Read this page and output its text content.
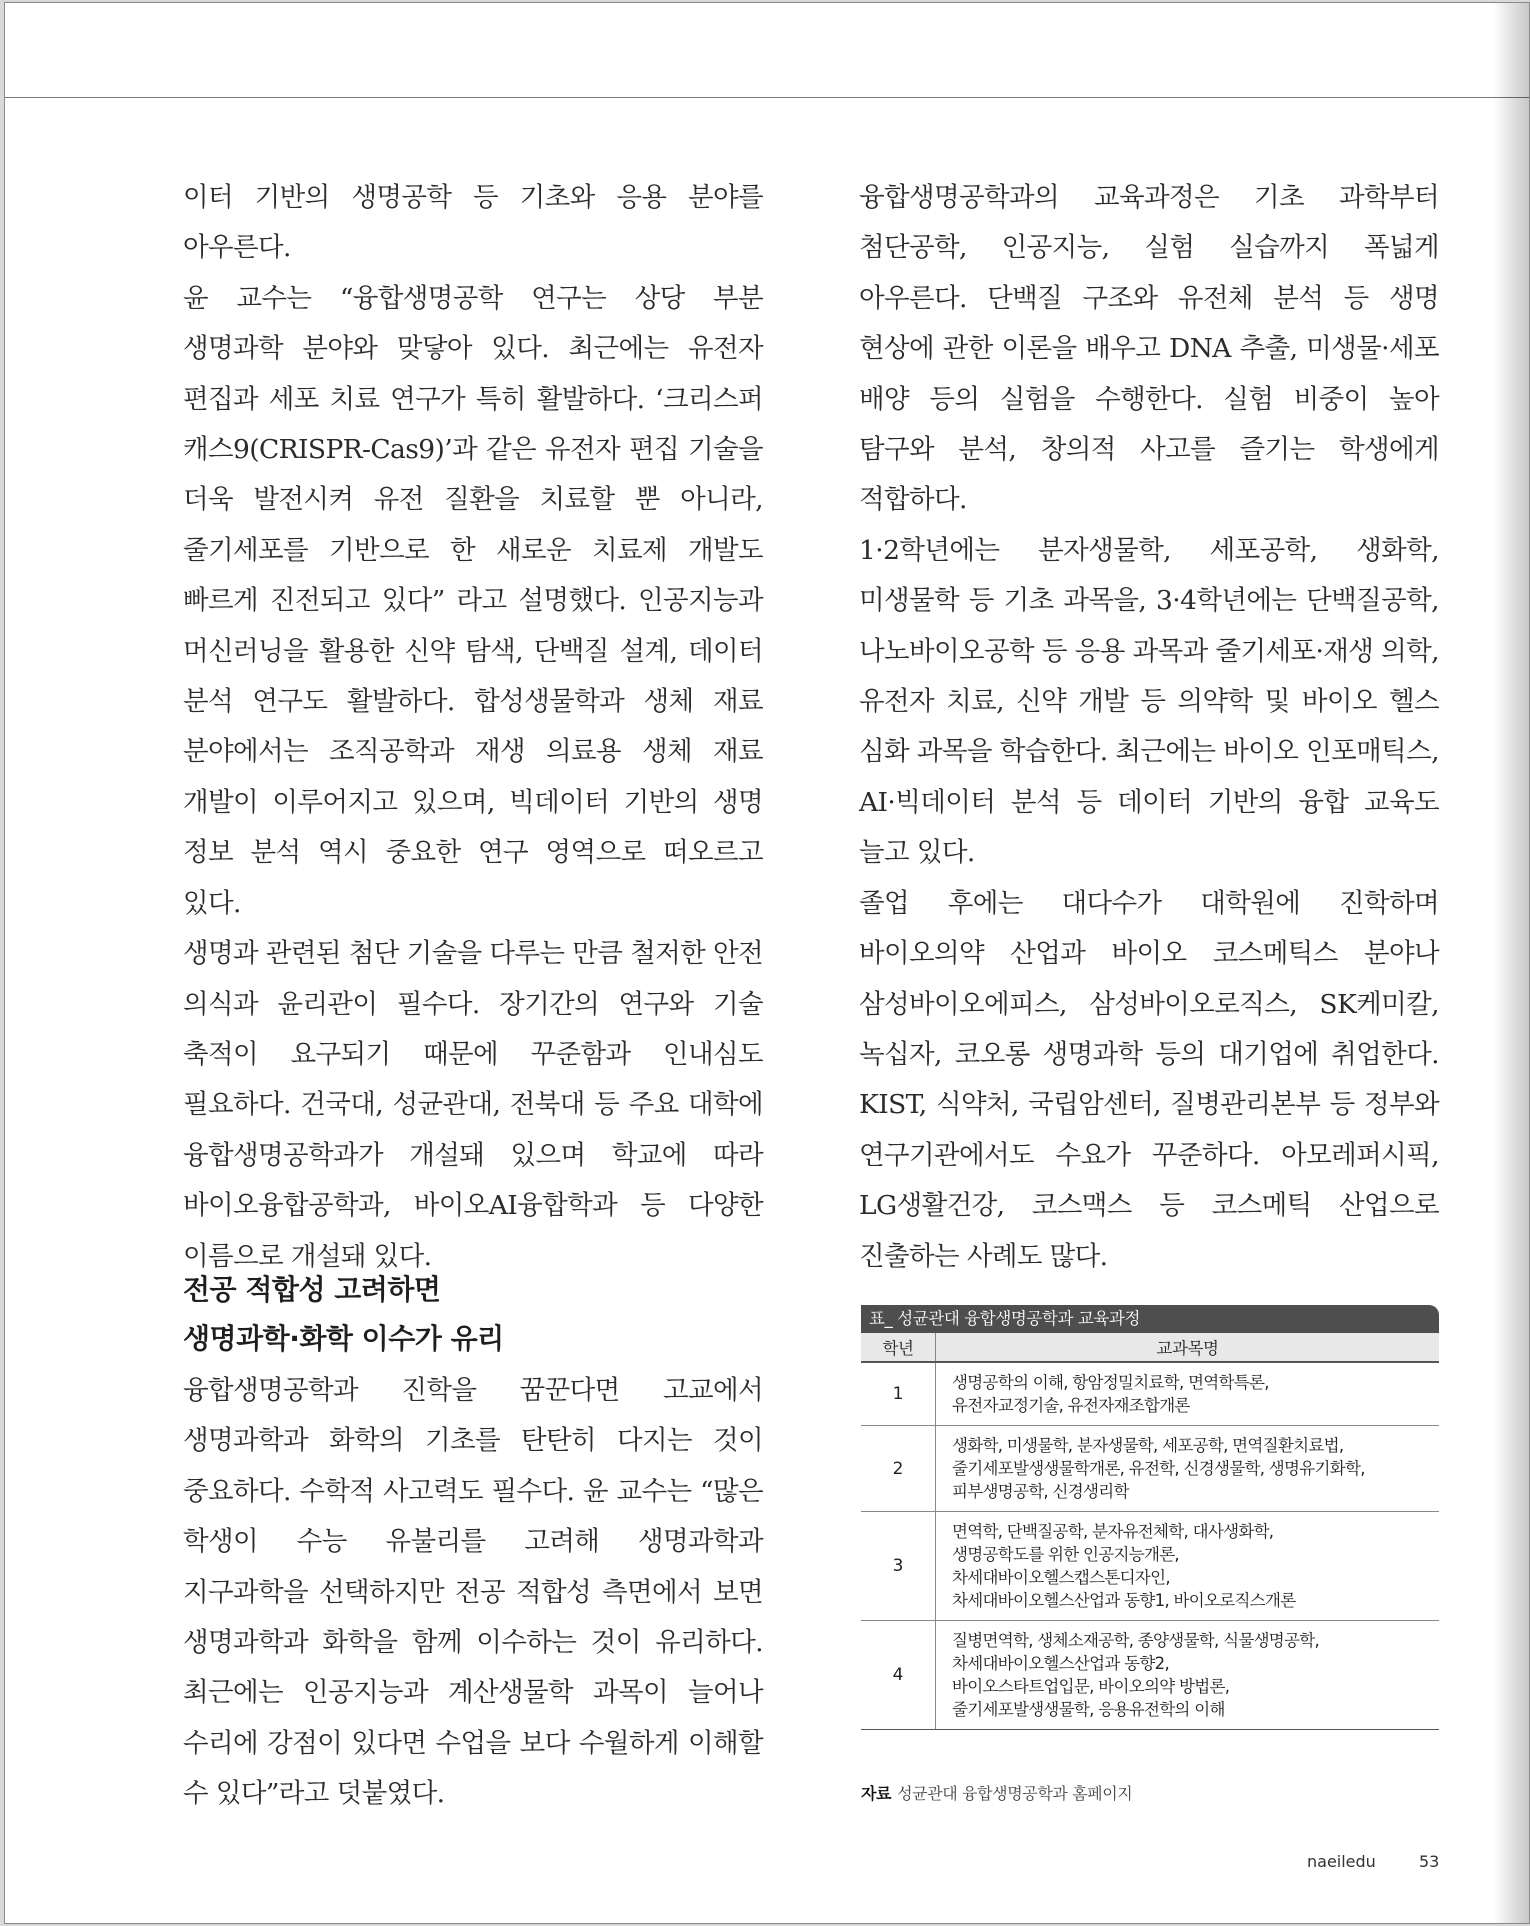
이터 기반의 생명공학 등 기초와 응용 분야를 아우른다.

윤 교수는 “융합생명공학 연구는 상당 부분 생명과학 분야와 맞닿아 있다. 최근에는 유전자 편집과 세포 치료 연구가 특히 활발하다. ‘크리스퍼 캐스9(CRISPR-Cas9)’과 같은 유전자 편집 기술을 더욱 발전시켜 유전 질환을 치료할 뿐 아니라, 줄기세포를 기반으로 한 새로운 치료제 개발도 빠르게 진전되고 있다” 라고 설명했다. 인공지능과 머신러닝을 활용한 신약 탐색, 단백질 설계, 데이터 분석 연구도 활발하다. 합성생물학과 생체 재료 분야에서는 조직공학과 재생 의료용 생체 재료 개발이 이루어지고 있으며, 빅데이터 기반의 생명 정보 분석 역시 중요한 연구 영역으로 떠오르고 있다.

생명과 관련된 첨단 기술을 다루는 만큼 철저한 안전 의식과 윤리관이 필수다. 장기간의 연구와 기술 축적이 요구되기 때문에 꾸준함과 인내심도 필요하다. 건국대, 성균관대, 전북대 등 주요 대학에 융합생명공학과가 개설돼 있으며 학교에 따라 바이오융합공학과, 바이오AI융합학과 등 다양한 이름으로 개설돼 있다.

융합생명공학과의 교육과정은 기초 과학부터 첨단공학, 인공지능, 실험 실습까지 폭넓게 아우른다. 단백질 구조와 유전체 분석 등 생명 현상에 관한 이론을 배우고 DNA 추출, 미생물·세포 배양 등의 실험을 수행한다. 실험 비중이 높아 탐구와 분석, 창의적 사고를 즐기는 학생에게 적합하다.

1·2학년에는 분자생물학, 세포공학, 생화학, 미생물학 등 기초 과목을, 3·4학년에는 단백질공학, 나노바이오공학 등 응용 과목과 줄기세포·재생 의학, 유전자 치료, 신약 개발 등 의약학 및 바이오 헬스 심화 과목을 학습한다. 최근에는 바이오 인포매틱스, AI·빅데이터 분석 등 데이터 기반의 융합 교육도 늘고 있다.

졸업 후에는 대다수가 대학원에 진학하며 바이오의약 산업과 바이오 코스메틱스 분야나 삼성바이오에피스, 삼성바이오로직스, SK케미칼, 녹십자, 코오롱 생명과학 등의 대기업에 취업한다. KIST, 식약처, 국립암센터, 질병관리본부 등 정부와 연구기관에서도 수요가 꾸준하다. 아모레퍼시픽, LG생활건강, 코스맥스 등 코스메틱 산업으로 진출하는 사례도 많다.

전공 적합성 고려하면

생명과학·화학 이수가 유리

융합생명공학과 진학을 꿈꾼다면 고교에서 생명과학과 화학의 기초를 탄탄히 다지는 것이 중요하다. 수학적 사고력도 필수다. 윤 교수는 “많은 학생이 수능 유불리를 고려해 생명과학과 지구과학을 선택하지만 전공 적합성 측면에서 보면 생명과학과 화학을 함께 이수하는 것이 유리하다. 최근에는 인공지능과 계산생물학 과목이 늘어나 수리에 강점이 있다면 수업을 보다 수월하게 이해할 수 있다”라고 덧붙였다.

표_ 성균관대 융합생명공학과 교육과정
학년	교과목명
1	생명공학의 이해, 항암정밀치료학, 면역학특론,
유전자교정기술, 유전자재조합개론

2	생화학, 미생물학, 분자생물학, 세포공학, 면역질환치료법,
줄기세포발생생물학개론, 유전학, 신경생물학, 생명유기화학,
피부생명공학, 신경생리학

3	면역학, 단백질공학, 분자유전체학, 대사생화학,
생명공학도를 위한 인공지능개론,
차세대바이오헬스캡스톤디자인,
차세대바이오헬스산업과 동향1, 바이오로직스개론

4	질병면역학, 생체소재공학, 종양생물학, 식물생명공학,
차세대바이오헬스산업과 동향2,
바이오스타트업입문, 바이오의약 방법론,
줄기세포발생생물학, 응용유전학의 이해
자료 성균관대 융합생명공학과 홈페이지
naeiledu	53
